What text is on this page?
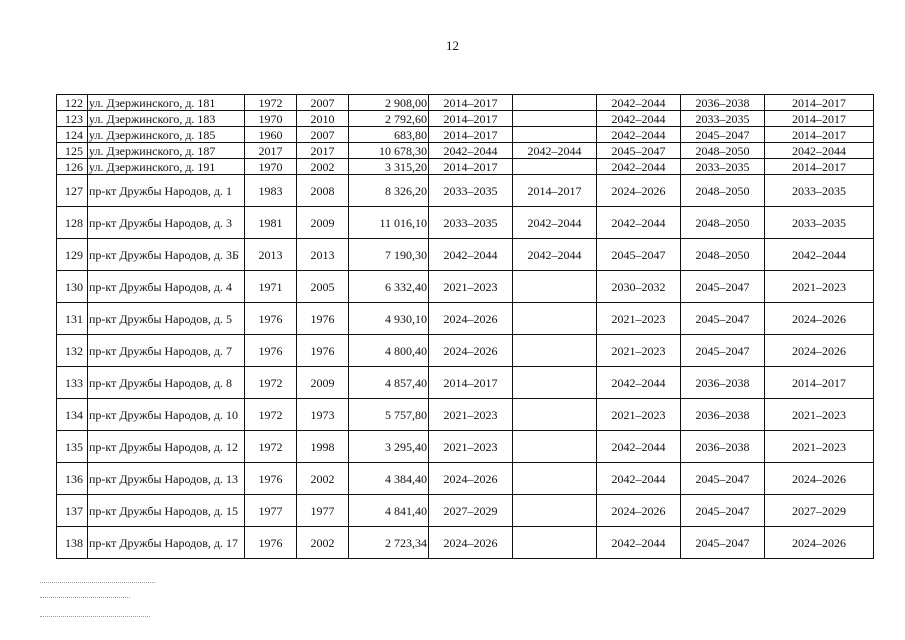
12
122	ул. Дзержинского, д. 181	1972	2007	2 908,00	2014–2017		2042–2044	2036–2038	2014–2017
123	ул. Дзержинского, д. 183	1970	2010	2 792,60	2014–2017		2042–2044	2033–2035	2014–2017
124	ул. Дзержинского, д. 185	1960	2007	683,80	2014–2017		2042–2044	2045–2047	2014–2017
125	ул. Дзержинского, д. 187	2017	2017	10 678,30	2042–2044	2042–2044	2045–2047	2048–2050	2042–2044
126	ул. Дзержинского, д. 191	1970	2002	3 315,20	2014–2017		2042–2044	2033–2035	2014–2017
127	пр-кт Дружбы Народов, д. 1	1983	2008	8 326,20	2033–2035	2014–2017	2024–2026	2048–2050	2033–2035
128	пр-кт Дружбы Народов, д. 3	1981	2009	11 016,10	2033–2035	2042–2044	2042–2044	2048–2050	2033–2035
129	пр-кт Дружбы Народов, д. 3Б	2013	2013	7 190,30	2042–2044	2042–2044	2045–2047	2048–2050	2042–2044
130	пр-кт Дружбы Народов, д. 4	1971	2005	6 332,40	2021–2023		2030–2032	2045–2047	2021–2023
131	пр-кт Дружбы Народов, д. 5	1976	1976	4 930,10	2024–2026		2021–2023	2045–2047	2024–2026
132	пр-кт Дружбы Народов, д. 7	1976	1976	4 800,40	2024–2026		2021–2023	2045–2047	2024–2026
133	пр-кт Дружбы Народов, д. 8	1972	2009	4 857,40	2014–2017		2042–2044	2036–2038	2014–2017
134	пр-кт Дружбы Народов, д. 10	1972	1973	5 757,80	2021–2023		2021–2023	2036–2038	2021–2023
135	пр-кт Дружбы Народов, д. 12	1972	1998	3 295,40	2021–2023		2042–2044	2036–2038	2021–2023
136	пр-кт Дружбы Народов, д. 13	1976	2002	4 384,40	2024–2026		2042–2044	2045–2047	2024–2026
137	пр-кт Дружбы Народов, д. 15	1977	1977	4 841,40	2027–2029		2024–2026	2045–2047	2027–2029
138	пр-кт Дружбы Народов, д. 17	1976	2002	2 723,34	2024–2026		2042–2044	2045–2047	2024–2026
